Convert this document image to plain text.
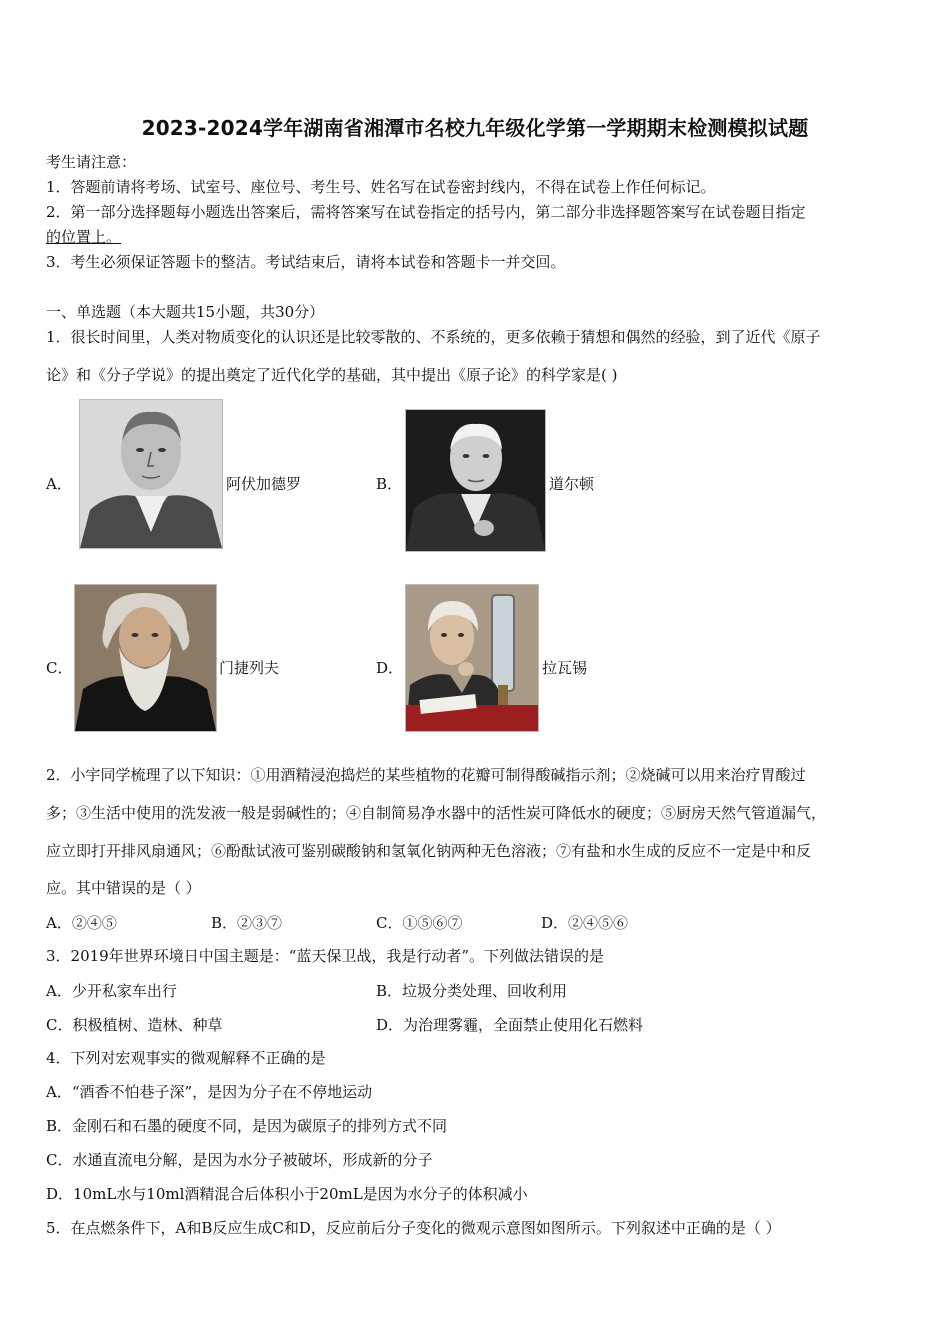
2023-2024学年湖南省湘潭市名校九年级化学第一学期期末检测模拟试题
考生请注意：
1．答题前请将考场、试室号、座位号、考生号、姓名写在试卷密封线内，不得在试卷上作任何标记。
2．第一部分选择题每小题选出答案后，需将答案写在试卷指定的括号内，第二部分非选择题答案写在试卷题目指定
的位置上。
3．考生必须保证答题卡的整洁。考试结束后，请将本试卷和答题卡一并交回。
一、单选题（本大题共15小题，共30分）
1．很长时间里，人类对物质变化的认识还是比较零散的、不系统的，更多依赖于猜想和偶然的经验，到了近代《原子
论》和《分子学说》的提出奠定了近代化学的基础，其中提出《原子论》的科学家是( )
A．	阿伏加德罗	B．	道尔顿
C．	门捷列夫	D．	拉瓦锡
2．小宇同学梳理了以下知识：①用酒精浸泡捣烂的某些植物的花瓣可制得酸碱指示剂；②烧碱可以用来治疗胃酸过
多；③生活中使用的洗发液一般是弱碱性的；④自制简易净水器中的活性炭可降低水的硬度；⑤厨房天然气管道漏气，
应立即打开排风扇通风；⑥酚酞试液可鉴别碳酸钠和氢氧化钠两种无色溶液；⑦有盐和水生成的反应不一定是中和反
应。其中错误的是（ ）
A．②④⑤	B．②③⑦	C．①⑤⑥⑦	D．②④⑤⑥
3．2019年世界环境日中国主题是：“蓝天保卫战，我是行动者”。下列做法错误的是
A．少开私家车出行	B．垃圾分类处理、回收利用
C．积极植树、造林、种草	D．为治理雾霾，全面禁止使用化石燃料
4．下列对宏观事实的微观解释不正确的是
A．“酒香不怕巷子深”，是因为分子在不停地运动
B．金刚石和石墨的硬度不同，是因为碳原子的排列方式不同
C．水通直流电分解，是因为水分子被破坏，形成新的分子
D．10mL水与10ml酒精混合后体积小于20mL是因为水分子的体积减小
5．在点燃条件下，A和B反应生成C和D，反应前后分子变化的微观示意图如图所示。下列叙述中正确的是（ ）
